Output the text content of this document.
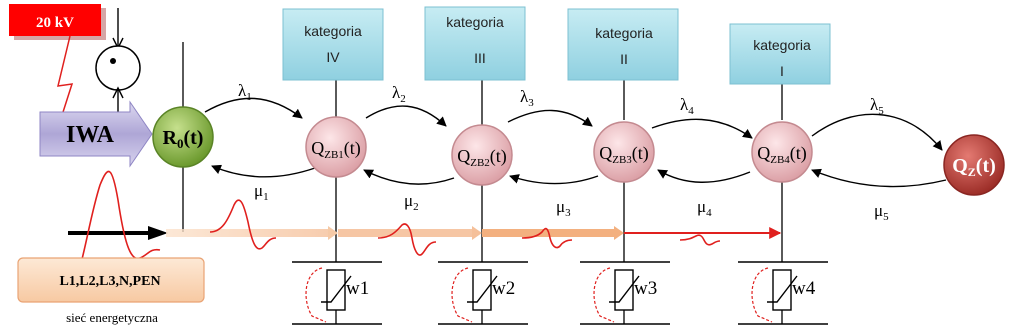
20 kV
IWA
kategoria
IV
kategoria
III
kategoria
II
kategoria
I
$\lambda_1$	$\lambda_2$	$\lambda_3$	$\lambda_4$	$\lambda_5$
$\mu_1$	$\mu_2$	$\mu_3$	$\mu_4$	$\mu_5$
$R_0(t)$	$Q_{ZB1}(t)$	$Q_{ZB2}(t)$	$Q_{ZB3}(t)$	$Q_{ZB4}(t)$
$Q_Z(t)$
w1	w2	w3	w4
L1,L2,L3,N,PEN
sieć energetyczna
